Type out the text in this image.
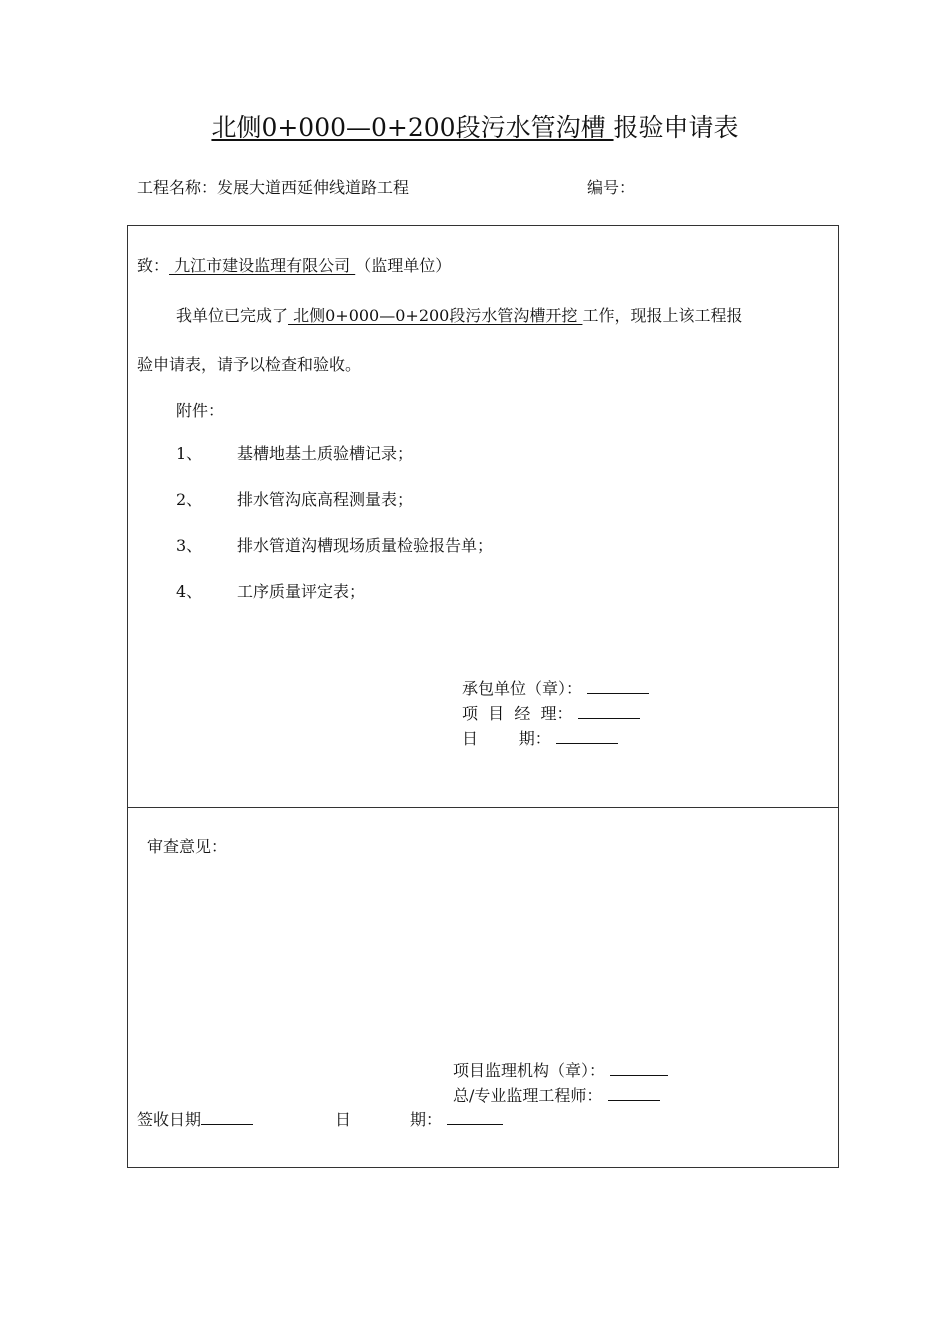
北侧0+000—0+200段污水管沟槽 报验申请表
工程名称：发展大道西延伸线道路工程	编号：
致： 九江市建设监理有限公司 （监理单位）
我单位已完成了 北侧0+000—0+200段污水管沟槽开挖 工作，现报上该工程报
验申请表，请予以检查和验收。
附件：
1、 基槽地基土质验槽记录；
2、 排水管沟底高程测量表；
3、 排水管道沟槽现场质量检验报告单；
4、 工序质量评定表；
承包单位（章）：
项  目  经  理：
日        期：
审查意见：
项目监理机构（章）：
总/专业监理工程师：
签收日期	日	期：
